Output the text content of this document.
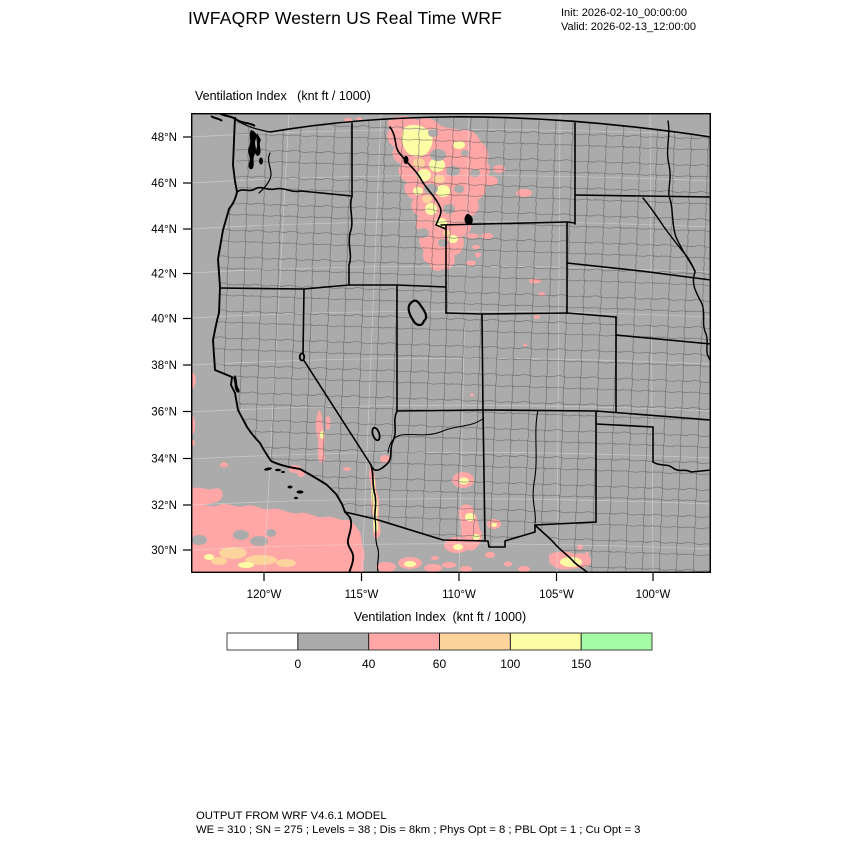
IWFAQRP Western US Real Time WRF	Init: 2026-02-10_00:00:00
Valid: 2026-02-13_12:00:00
Ventilation Index   (knt ft / 1000)
48°N
46°N
44°N
42°N
40°N
38°N
36°N
34°N
32°N
30°N
120°W	115°W	110°W	105°W	100°W
Ventilation Index  (knt ft / 1000)
0	40	60	100	150
OUTPUT FROM WRF V4.6.1 MODEL
WE = 310 ; SN = 275 ; Levels = 38 ; Dis = 8km ; Phys Opt = 8 ; PBL Opt = 1 ; Cu Opt = 3
